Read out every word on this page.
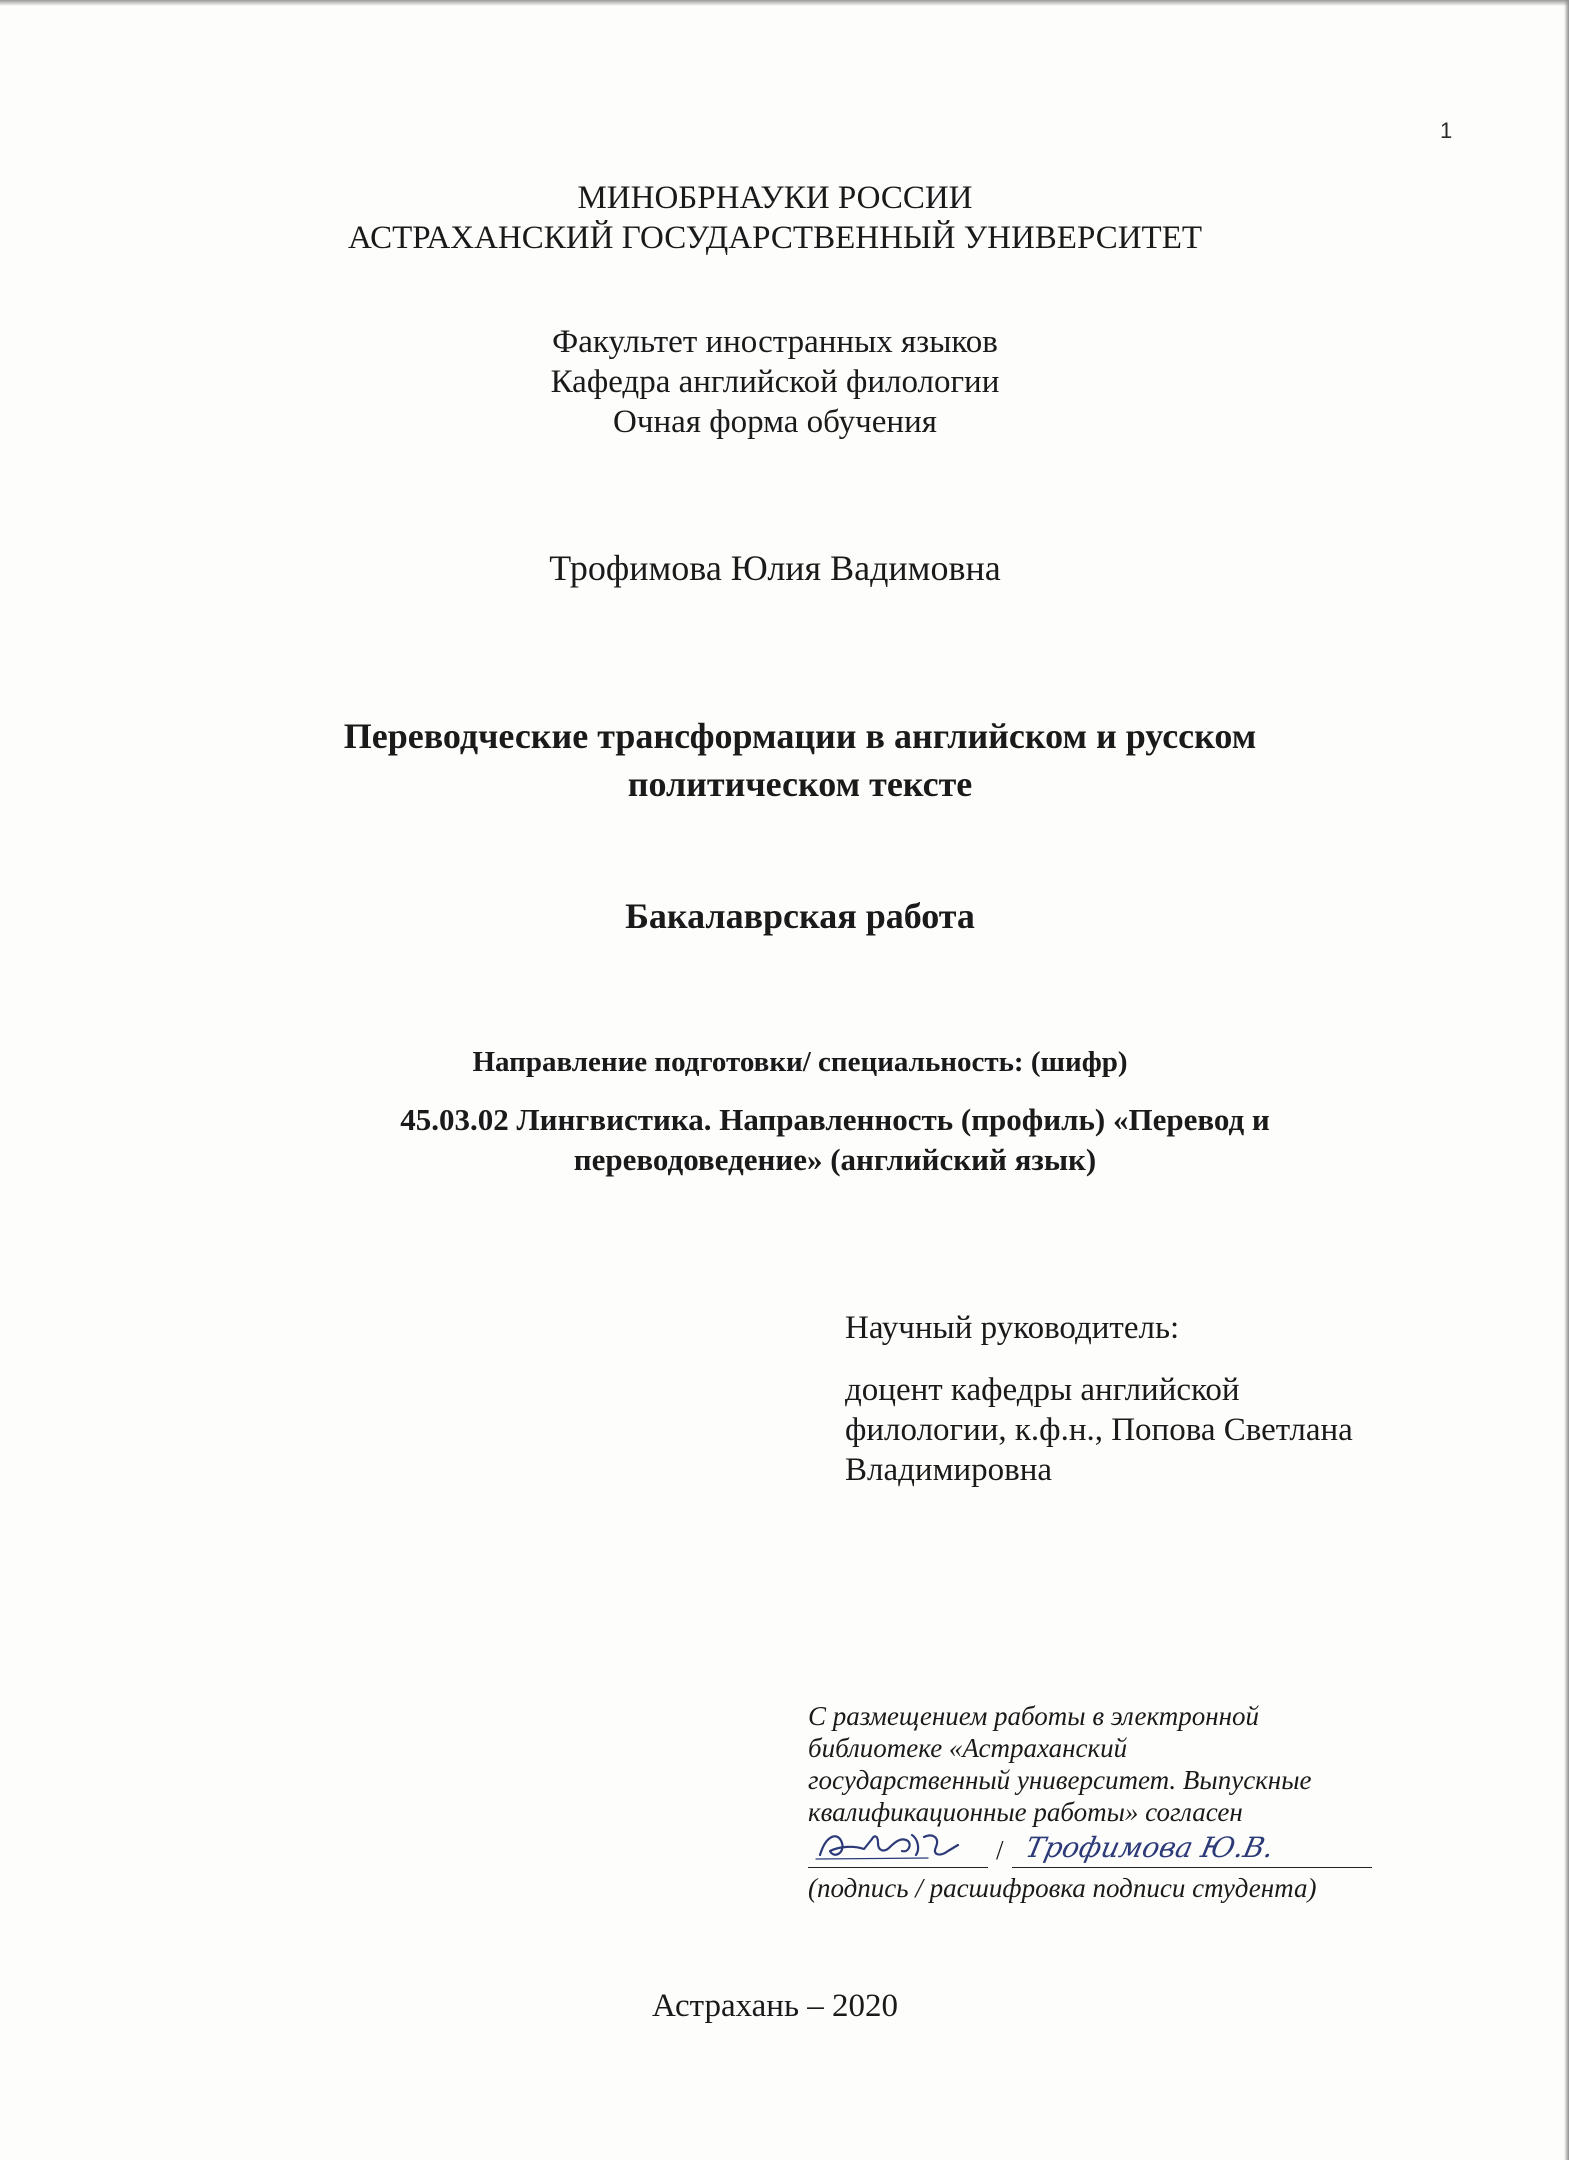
1
МИНОБРНАУКИ РОССИИ
АСТРАХАНСКИЙ ГОСУДАРСТВЕННЫЙ УНИВЕРСИТЕТ
Факультет иностранных языков
Кафедра английской филологии
Очная форма обучения
Трофимова Юлия Вадимовна
Переводческие трансформации в английском и русском
политическом тексте
Бакалаврская работа
Направление подготовки/ специальность: (шифр)
45.03.02 Лингвистика. Направленность (профиль) «Перевод и
переводоведение» (английский язык)
Научный руководитель:
доцент кафедры английской
филологии, к.ф.н., Попова Светлана
Владимировна
С размещением работы в электронной
библиотеке «Астраханский
государственный университет. Выпускные
квалификационные работы» согласен
/ Трофимова Ю.В.
(подпись / расшифровка подписи студента)
Астрахань – 2020
